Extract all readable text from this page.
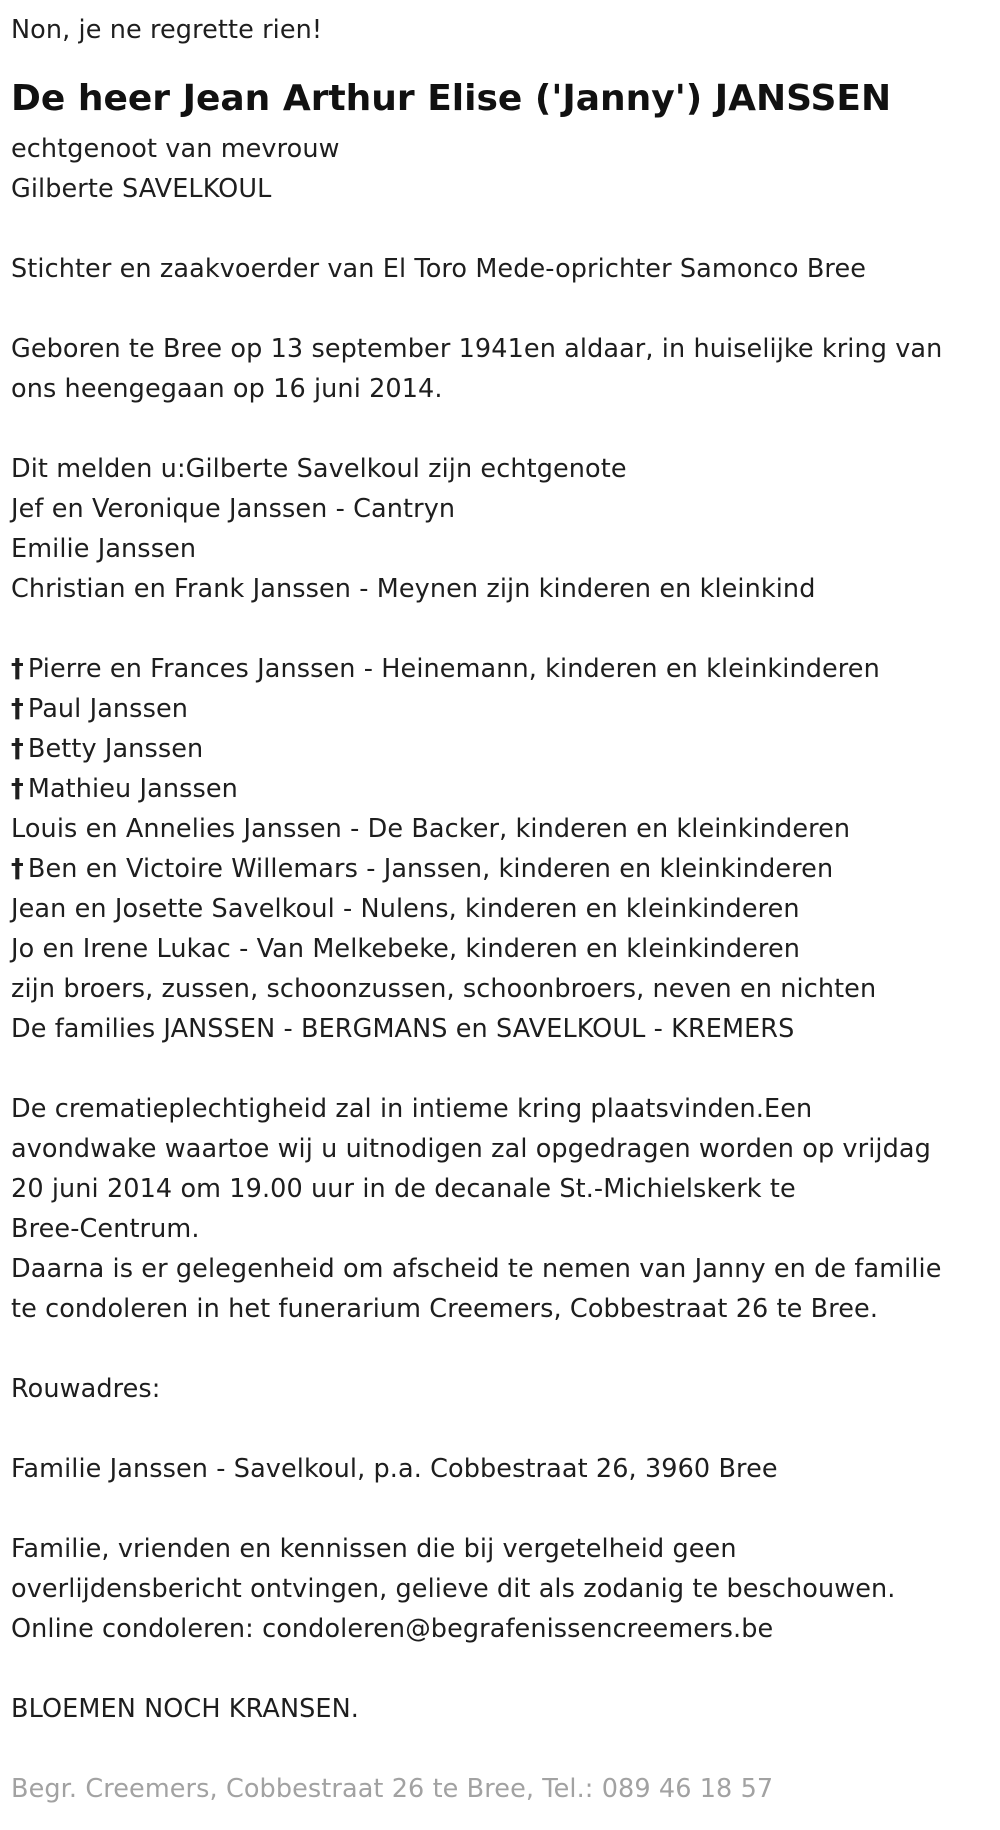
Non, je ne regrette rien!
De heer Jean Arthur Elise ('Janny') JANSSEN
echtgenoot van mevrouw
Gilberte SAVELKOUL
Stichter en zaakvoerder van El Toro Mede-oprichter Samonco Bree
Geboren te Bree op 13 september 1941en aldaar, in huiselijke kring van
ons heengegaan op 16 juni 2014.
Dit melden u:Gilberte Savelkoul zijn echtgenote
Jef en Veronique Janssen - Cantryn
Emilie Janssen
Christian en Frank Janssen - Meynen zijn kinderen en kleinkind
† Pierre en Frances Janssen - Heinemann, kinderen en kleinkinderen
† Paul Janssen
† Betty Janssen
† Mathieu Janssen
Louis en Annelies Janssen - De Backer, kinderen en kleinkinderen
† Ben en Victoire Willemars - Janssen, kinderen en kleinkinderen
Jean en Josette Savelkoul - Nulens, kinderen en kleinkinderen
Jo en Irene Lukac - Van Melkebeke, kinderen en kleinkinderen
zijn broers, zussen, schoonzussen, schoonbroers, neven en nichten
De families JANSSEN - BERGMANS en SAVELKOUL - KREMERS
De crematieplechtigheid zal in intieme kring plaatsvinden.Een
avondwake waartoe wij u uitnodigen zal opgedragen worden op vrijdag
20 juni 2014 om 19.00 uur in de decanale St.-Michielskerk te
Bree-Centrum.
Daarna is er gelegenheid om afscheid te nemen van Janny en de familie
te condoleren in het funerarium Creemers, Cobbestraat 26 te Bree.
Rouwadres:
Familie Janssen - Savelkoul, p.a. Cobbestraat 26, 3960 Bree
Familie, vrienden en kennissen die bij vergetelheid geen
overlijdensbericht ontvingen, gelieve dit als zodanig te beschouwen.
Online condoleren: condoleren@begrafenissencreemers.be
BLOEMEN NOCH KRANSEN.
Begr. Creemers, Cobbestraat 26 te Bree, Tel.: 089 46 18 57
